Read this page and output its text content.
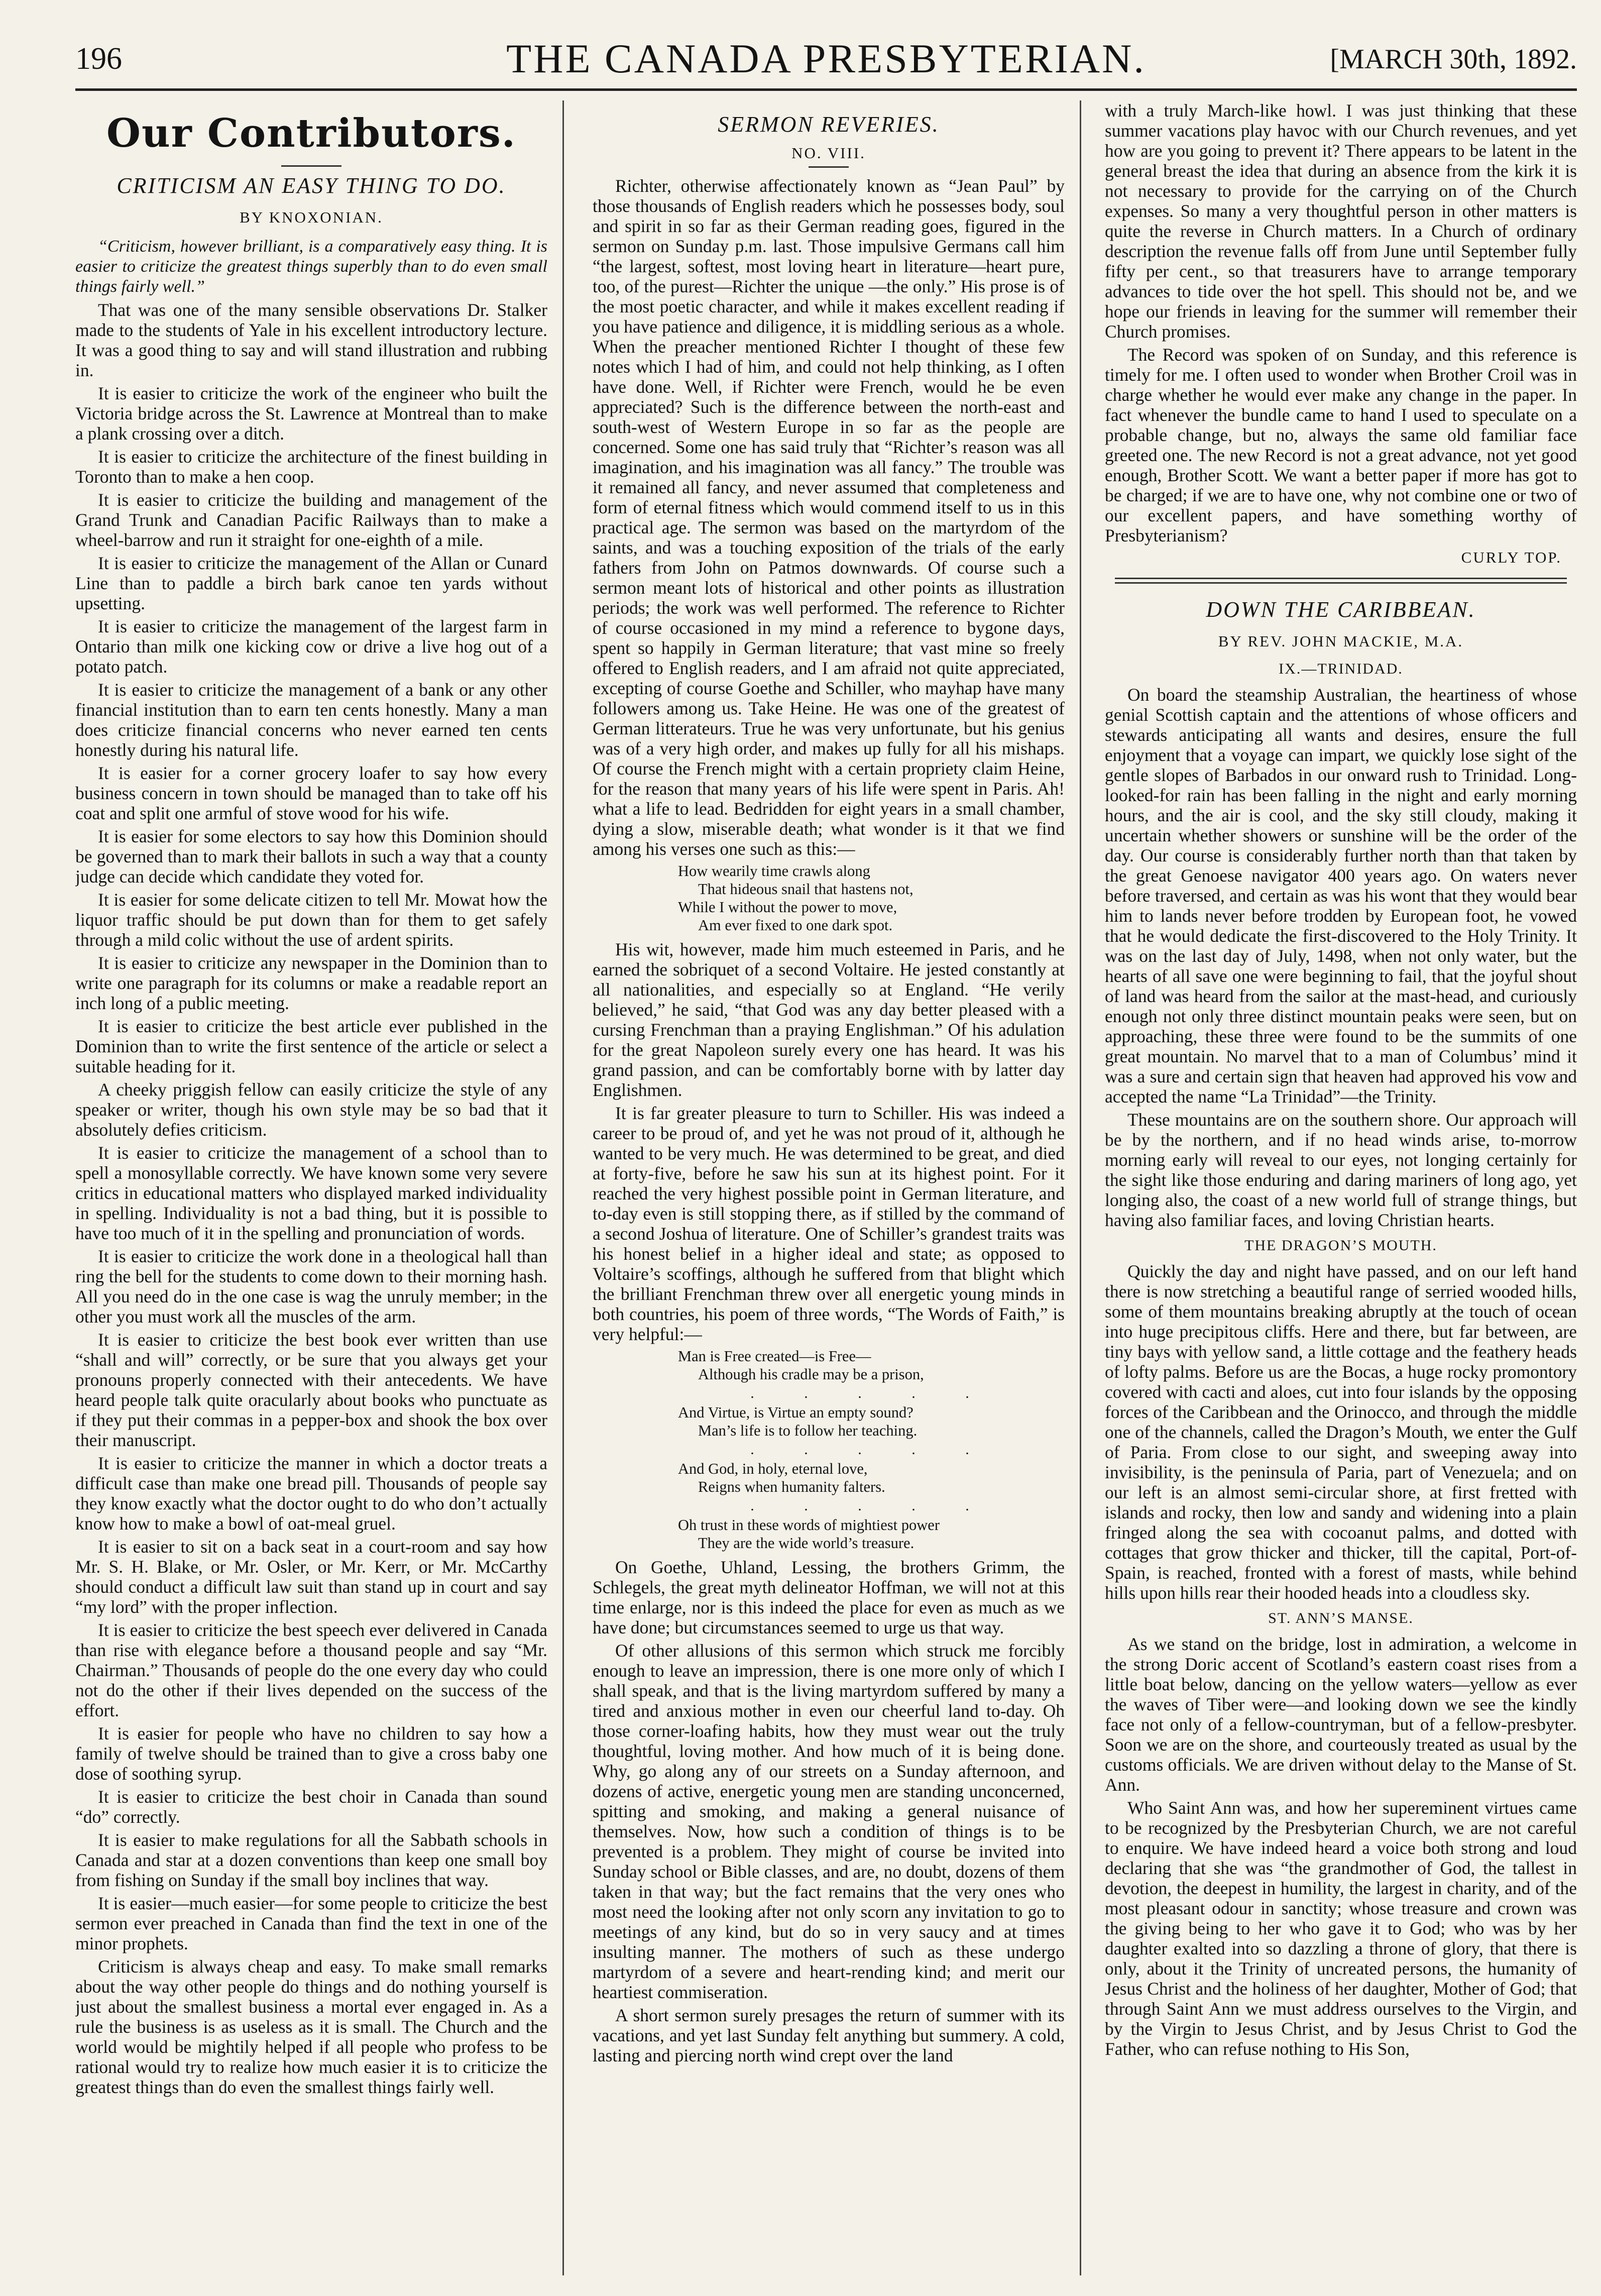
196	THE CANADA PRESBYTERIAN.	[MARCH 30th, 1892.
Our Contributors.
CRITICISM AN EASY THING TO DO.
BY KNOXONIAN.

“Criticism, however brilliant, is a comparatively easy thing. It is easier to criticize the greatest things superbly than to do even small things fairly well.”

That was one of the many sensible observations Dr. Stalker made to the students of Yale in his excellent introductory lecture. It was a good thing to say and will stand illustration and rubbing in.

It is easier to criticize the work of the engineer who built the Victoria bridge across the St. Lawrence at Montreal than to make a plank crossing over a ditch.

It is easier to criticize the architecture of the finest building in Toronto than to make a hen coop.

It is easier to criticize the building and management of the Grand Trunk and Canadian Pacific Railways than to make a wheel-barrow and run it straight for one-eighth of a mile.

It is easier to criticize the management of the Allan or Cunard Line than to paddle a birch bark canoe ten yards without upsetting.

It is easier to criticize the management of the largest farm in Ontario than milk one kicking cow or drive a live hog out of a potato patch.

It is easier to criticize the management of a bank or any other financial institution than to earn ten cents honestly. Many a man does criticize financial concerns who never earned ten cents honestly during his natural life.

It is easier for a corner grocery loafer to say how every business concern in town should be managed than to take off his coat and split one armful of stove wood for his wife.

It is easier for some electors to say how this Dominion should be governed than to mark their ballots in such a way that a county judge can decide which candidate they voted for.

It is easier for some delicate citizen to tell Mr. Mowat how the liquor traffic should be put down than for them to get safely through a mild colic without the use of ardent spirits.

It is easier to criticize any newspaper in the Dominion than to write one paragraph for its columns or make a readable report an inch long of a public meeting.

It is easier to criticize the best article ever published in the Dominion than to write the first sentence of the article or select a suitable heading for it.

A cheeky priggish fellow can easily criticize the style of any speaker or writer, though his own style may be so bad that it absolutely defies criticism.

It is easier to criticize the management of a school than to spell a monosyllable correctly. We have known some very severe critics in educational matters who displayed marked individuality in spelling. Individuality is not a bad thing, but it is possible to have too much of it in the spelling and pronunciation of words.

It is easier to criticize the work done in a theological hall than ring the bell for the students to come down to their morning hash. All you need do in the one case is wag the unruly member; in the other you must work all the muscles of the arm.

It is easier to criticize the best book ever written than use “shall and will” correctly, or be sure that you always get your pronouns properly connected with their antecedents. We have heard people talk quite oracularly about books who punctuate as if they put their commas in a pepper-box and shook the box over their manuscript.

It is easier to criticize the manner in which a doctor treats a difficult case than make one bread pill. Thousands of people say they know exactly what the doctor ought to do who don’t actually know how to make a bowl of oat-meal gruel.

It is easier to sit on a back seat in a court-room and say how Mr. S. H. Blake, or Mr. Osler, or Mr. Kerr, or Mr. McCarthy should conduct a difficult law suit than stand up in court and say “my lord” with the proper inflection.

It is easier to criticize the best speech ever delivered in Canada than rise with elegance before a thousand people and say “Mr. Chairman.” Thousands of people do the one every day who could not do the other if their lives depended on the success of the effort.

It is easier for people who have no children to say how a family of twelve should be trained than to give a cross baby one dose of soothing syrup.

It is easier to criticize the best choir in Canada than sound “do” correctly.

It is easier to make regulations for all the Sabbath schools in Canada and star at a dozen conventions than keep one small boy from fishing on Sunday if the small boy inclines that way.

It is easier—much easier—for some people to criticize the best sermon ever preached in Canada than find the text in one of the minor prophets.

Criticism is always cheap and easy. To make small remarks about the way other people do things and do nothing yourself is just about the smallest business a mortal ever engaged in. As a rule the business is as useless as it is small. The Church and the world would be mightily helped if all people who profess to be rational would try to realize how much easier it is to criticize the greatest things than do even the smallest things fairly well.

SERMON REVERIES.
NO. VIII.

Richter, otherwise affectionately known as “Jean Paul” by those thousands of English readers which he possesses body, soul and spirit in so far as their German reading goes, figured in the sermon on Sunday p.m. last. Those impulsive Germans call him “the largest, softest, most loving heart in literature—heart pure, too, of the purest—Richter the unique —the only.” His prose is of the most poetic character, and while it makes excellent reading if you have patience and diligence, it is middling serious as a whole. When the preacher mentioned Richter I thought of these few notes which I had of him, and could not help thinking, as I often have done. Well, if Richter were French, would he be even appreciated? Such is the difference between the north-east and south-west of Western Europe in so far as the people are concerned. Some one has said truly that “Richter’s reason was all imagination, and his imagination was all fancy.” The trouble was it remained all fancy, and never assumed that completeness and form of eternal fitness which would commend itself to us in this practical age. The sermon was based on the martyrdom of the saints, and was a touching exposition of the trials of the early fathers from John on Patmos downwards. Of course such a sermon meant lots of historical and other points as illustration periods; the work was well performed. The reference to Richter of course occasioned in my mind a reference to bygone days, spent so happily in German literature; that vast mine so freely offered to English readers, and I am afraid not quite appreciated, excepting of course Goethe and Schiller, who mayhap have many followers among us. Take Heine. He was one of the greatest of German litterateurs. True he was very unfortunate, but his genius was of a very high order, and makes up fully for all his mishaps. Of course the French might with a certain propriety claim Heine, for the reason that many years of his life were spent in Paris. Ah! what a life to lead. Bedridden for eight years in a small chamber, dying a slow, miserable death; what wonder is it that we find among his verses one such as this:—

How wearily time crawls along
That hideous snail that hastens not,
While I without the power to move,
Am ever fixed to one dark spot.

His wit, however, made him much esteemed in Paris, and he earned the sobriquet of a second Voltaire. He jested constantly at all nationalities, and especially so at England. “He verily believed,” he said, “that God was any day better pleased with a cursing Frenchman than a praying Englishman.” Of his adulation for the great Napoleon surely every one has heard. It was his grand passion, and can be comfortably borne with by latter day Englishmen.

It is far greater pleasure to turn to Schiller. His was indeed a career to be proud of, and yet he was not proud of it, although he wanted to be very much. He was determined to be great, and died at forty-five, before he saw his sun at its highest point. For it reached the very highest possible point in German literature, and to-day even is still stopping there, as if stilled by the command of a second Joshua of literature. One of Schiller’s grandest traits was his honest belief in a higher ideal and state; as opposed to Voltaire’s scoffings, although he suffered from that blight which the brilliant Frenchman threw over all energetic young minds in both countries, his poem of three words, “The Words of Faith,” is very helpful:—

Man is Free created—is Free—
Although his cradle may be a prison,
. . . . .
And Virtue, is Virtue an empty sound?
Man’s life is to follow her teaching.
. . . . .
And God, in holy, eternal love,
Reigns when humanity falters.
. . . . .
Oh trust in these words of mightiest power
They are the wide world’s treasure.

On Goethe, Uhland, Lessing, the brothers Grimm, the Schlegels, the great myth delineator Hoffman, we will not at this time enlarge, nor is this indeed the place for even as much as we have done; but circumstances seemed to urge us that way.

Of other allusions of this sermon which struck me forcibly enough to leave an impression, there is one more only of which I shall speak, and that is the living martyrdom suffered by many a tired and anxious mother in even our cheerful land to-day. Oh those corner-loafing habits, how they must wear out the truly thoughtful, loving mother. And how much of it is being done. Why, go along any of our streets on a Sunday afternoon, and dozens of active, energetic young men are standing unconcerned, spitting and smoking, and making a general nuisance of themselves. Now, how such a condition of things is to be prevented is a problem. They might of course be invited into Sunday school or Bible classes, and are, no doubt, dozens of them taken in that way; but the fact remains that the very ones who most need the looking after not only scorn any invitation to go to meetings of any kind, but do so in very saucy and at times insulting manner. The mothers of such as these undergo martyrdom of a severe and heart-rending kind; and merit our heartiest commiseration.

A short sermon surely presages the return of summer with its vacations, and yet last Sunday felt anything but summery. A cold, lasting and piercing north wind crept over the land

with a truly March-like howl. I was just thinking that these summer vacations play havoc with our Church revenues, and yet how are you going to prevent it? There appears to be latent in the general breast the idea that during an absence from the kirk it is not necessary to provide for the carrying on of the Church expenses. So many a very thoughtful person in other matters is quite the reverse in Church matters. In a Church of ordinary description the revenue falls off from June until September fully fifty per cent., so that treasurers have to arrange temporary advances to tide over the hot spell. This should not be, and we hope our friends in leaving for the summer will remember their Church promises.

The Record was spoken of on Sunday, and this reference is timely for me. I often used to wonder when Brother Croil was in charge whether he would ever make any change in the paper. In fact whenever the bundle came to hand I used to speculate on a probable change, but no, always the same old familiar face greeted one. The new Record is not a great advance, not yet good enough, Brother Scott. We want a better paper if more has got to be charged; if we are to have one, why not combine one or two of our excellent papers, and have something worthy of Presbyterianism?

CURLY TOP.
DOWN THE CARIBBEAN.
BY REV. JOHN MACKIE, M.A.
IX.—TRINIDAD.

On board the steamship Australian, the heartiness of whose genial Scottish captain and the attentions of whose officers and stewards anticipating all wants and desires, ensure the full enjoyment that a voyage can impart, we quickly lose sight of the gentle slopes of Barbados in our onward rush to Trinidad. Long-looked-for rain has been falling in the night and early morning hours, and the air is cool, and the sky still cloudy, making it uncertain whether showers or sunshine will be the order of the day. Our course is considerably further north than that taken by the great Genoese navigator 400 years ago. On waters never before traversed, and certain as was his wont that they would bear him to lands never before trodden by European foot, he vowed that he would dedicate the first-discovered to the Holy Trinity. It was on the last day of July, 1498, when not only water, but the hearts of all save one were beginning to fail, that the joyful shout of land was heard from the sailor at the mast-head, and curiously enough not only three distinct mountain peaks were seen, but on approaching, these three were found to be the summits of one great mountain. No marvel that to a man of Columbus’ mind it was a sure and certain sign that heaven had approved his vow and accepted the name “La Trinidad”—the Trinity.

These mountains are on the southern shore. Our approach will be by the northern, and if no head winds arise, to-morrow morning early will reveal to our eyes, not longing certainly for the sight like those enduring and daring mariners of long ago, yet longing also, the coast of a new world full of strange things, but having also familiar faces, and loving Christian hearts.

THE DRAGON’S MOUTH.

Quickly the day and night have passed, and on our left hand there is now stretching a beautiful range of serried wooded hills, some of them mountains breaking abruptly at the touch of ocean into huge precipitous cliffs. Here and there, but far between, are tiny bays with yellow sand, a little cottage and the feathery heads of lofty palms. Before us are the Bocas, a huge rocky promontory covered with cacti and aloes, cut into four islands by the opposing forces of the Caribbean and the Orinocco, and through the middle one of the channels, called the Dragon’s Mouth, we enter the Gulf of Paria. From close to our sight, and sweeping away into invisibility, is the peninsula of Paria, part of Venezuela; and on our left is an almost semi-circular shore, at first fretted with islands and rocky, then low and sandy and widening into a plain fringed along the sea with cocoanut palms, and dotted with cottages that grow thicker and thicker, till the capital, Port-of-Spain, is reached, fronted with a forest of masts, while behind hills upon hills rear their hooded heads into a cloudless sky.

ST. ANN’S MANSE.

As we stand on the bridge, lost in admiration, a welcome in the strong Doric accent of Scotland’s eastern coast rises from a little boat below, dancing on the yellow waters—yellow as ever the waves of Tiber were—and looking down we see the kindly face not only of a fellow-countryman, but of a fellow-presbyter. Soon we are on the shore, and courteously treated as usual by the customs officials. We are driven without delay to the Manse of St. Ann.

Who Saint Ann was, and how her supereminent virtues came to be recognized by the Presbyterian Church, we are not careful to enquire. We have indeed heard a voice both strong and loud declaring that she was “the grandmother of God, the tallest in devotion, the deepest in humility, the largest in charity, and of the most pleasant odour in sanctity; whose treasure and crown was the giving being to her who gave it to God; who was by her daughter exalted into so dazzling a throne of glory, that there is only, about it the Trinity of uncreated persons, the humanity of Jesus Christ and the holiness of her daughter, Mother of God; that through Saint Ann we must address ourselves to the Virgin, and by the Virgin to Jesus Christ, and by Jesus Christ to God the Father, who can refuse nothing to His Son,
